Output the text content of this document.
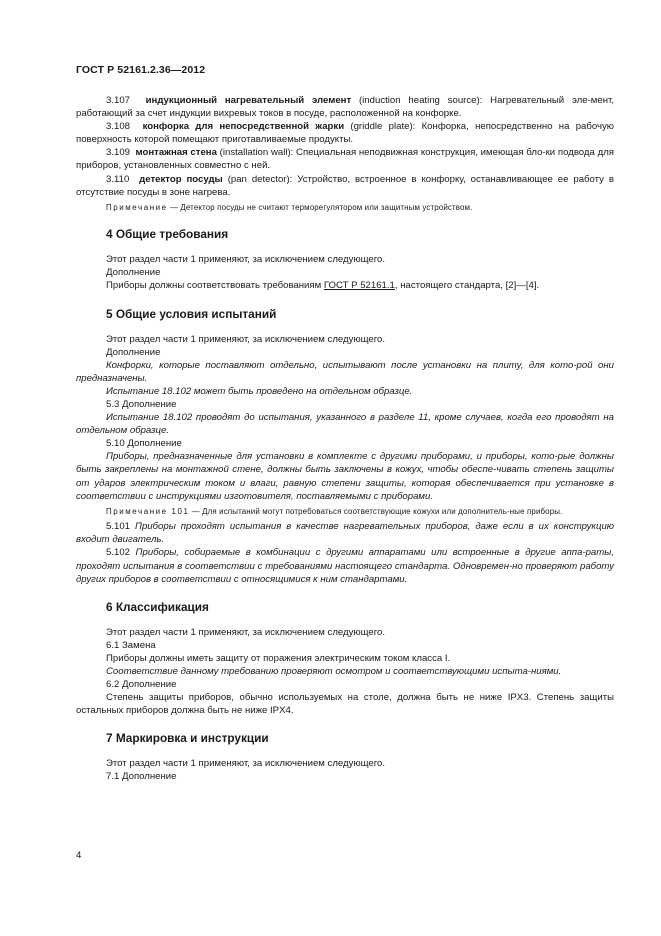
ГОСТ Р 52161.2.36—2012

3.107 индукционный нагревательный элемент (induction heating source): Нагревательный эле-мент, работающий за счет индукции вихревых токов в посуде, расположенной на конфорке.

3.108 конфорка для непосредственной жарки (griddle plate): Конфорка, непосредственно на рабочую поверхность которой помещают приготавливаемые продукты.

3.109 монтажная стена (installation wall): Специальная неподвижная конструкция, имеющая бло-ки подвода для приборов, установленных совместно с ней.

3.110 детектор посуды (pan detector): Устройство, встроенное в конфорку, останавливающее ее работу в отсутствие посуды в зоне нагрева.

Примечание — Детектор посуды не считают терморегулятором или защитным устройством.

4 Общие требования

Этот раздел части 1 применяют, за исключением следующего.

Дополнение

Приборы должны соответствовать требованиям ГОСТ Р 52161.1, настоящего стандарта, [2]—[4].

5 Общие условия испытаний

Этот раздел части 1 применяют, за исключением следующего.

Дополнение

Конфорки, которые поставляют отдельно, испытывают после установки на плиту, для кото-рой они предназначены.

Испытание 18.102 может быть проведено на отдельном образце.

5.3 Дополнение

Испытание 18.102 проводят до испытания, указанного в разделе 11, кроме случаев, когда его проводят на отдельном образце.

5.10 Дополнение

Приборы, предназначенные для установки в комплекте с другими приборами, и приборы, кото-рые должны быть закреплены на монтажной стене, должны быть заключены в кожух, чтобы обеспе-чивать степень защиты от ударов электрическим током и влаги, равную степени защиты, которая обеспечивается при установке в соответствии с инструкциями изготовителя, поставляемыми с приборами.

Примечание 101 — Для испытаний могут потребоваться соответствующие кожухи или дополнитель-ные приборы.

5.101 Приборы проходят испытания в качестве нагревательных приборов, даже если в их конструкцию входит двигатель.

5.102 Приборы, собираемые в комбинации с другими аппаратами или встроенные в другие аппа-раты, проходят испытания в соответствии с требованиями настоящего стандарта. Одновремен-но проверяют работу других приборов в соответствии с относящимися к ним стандартами.

6 Классификация

Этот раздел части 1 применяют, за исключением следующего.

6.1 Замена

Приборы должны иметь защиту от поражения электрическим током класса I.

Соответствие данному требованию проверяют осмотром и соответствующими испыта-ниями.

6.2 Дополнение

Степень защиты приборов, обычно используемых на столе, должна быть не ниже IPX3. Степень защиты остальных приборов должна быть не ниже IPX4.

7 Маркировка и инструкции

Этот раздел части 1 применяют, за исключением следующего.

7.1 Дополнение

4
